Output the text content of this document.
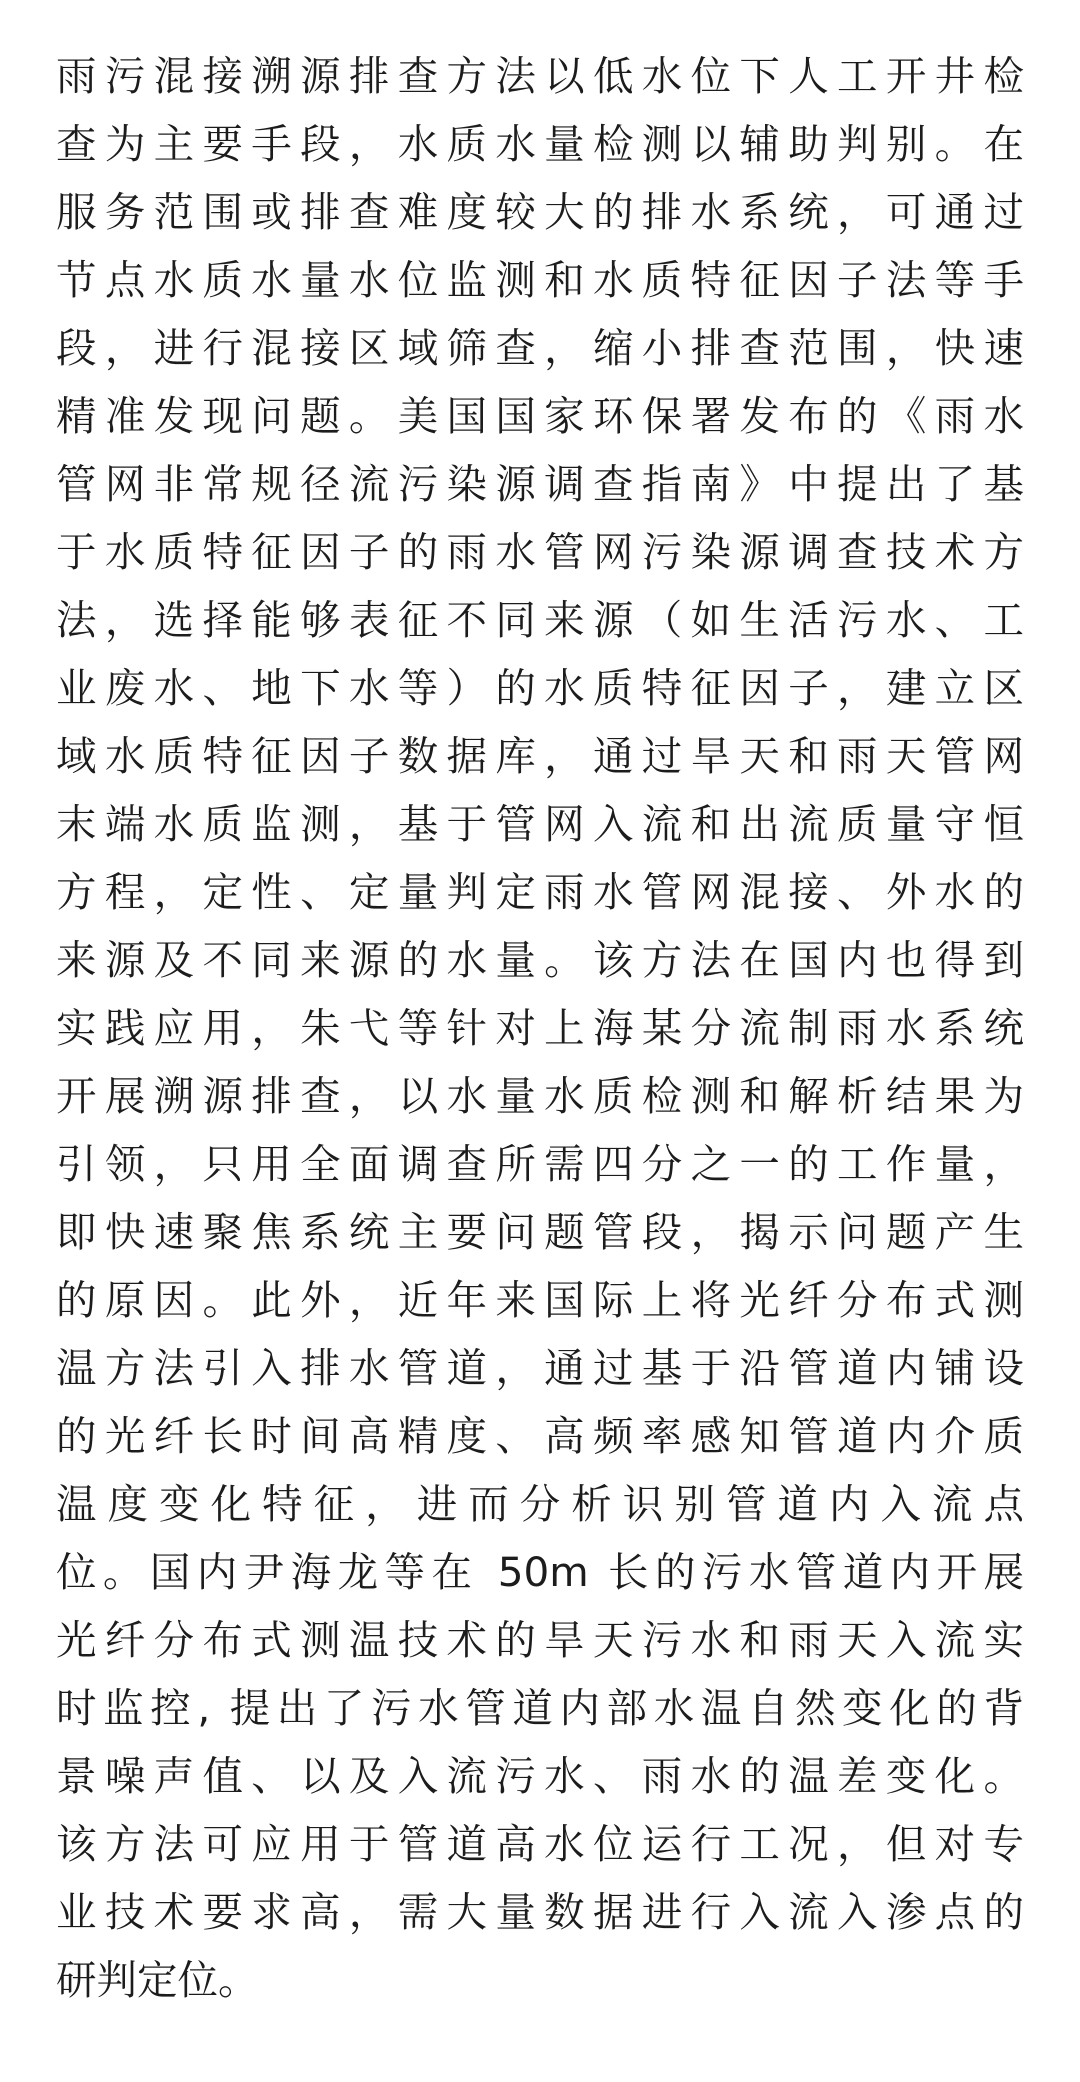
雨污混接溯源排查方法以低水位下人工开井检
查为主要手段，水质水量检测以辅助判别。在
服务范围或排查难度较大的排水系统，可通过
节点水质水量水位监测和水质特征因子法等手
段，进行混接区域筛查，缩小排查范围，快速
精准发现问题。美国国家环保署发布的《雨水
管网非常规径流污染源调查指南》中提出了基
于水质特征因子的雨水管网污染源调查技术方
法，选择能够表征不同来源（如生活污水、工
业废水、地下水等）的水质特征因子，建立区
域水质特征因子数据库，通过旱天和雨天管网
末端水质监测，基于管网入流和出流质量守恒
方程，定性、定量判定雨水管网混接、外水的
来源及不同来源的水量。该方法在国内也得到
实践应用，朱弋等针对上海某分流制雨水系统
开展溯源排查，以水量水质检测和解析结果为
引领，只用全面调查所需四分之一的工作量，
即快速聚焦系统主要问题管段，揭示问题产生
的原因。此外，近年来国际上将光纤分布式测
温方法引入排水管道，通过基于沿管道内铺设
的光纤长时间高精度、高频率感知管道内介质
温度变化特征，进而分析识别管道内入流点
位。国内尹海龙等在 50m 长的污水管道内开展
光纤分布式测温技术的旱天污水和雨天入流实
时监控, 提出了污水管道内部水温自然变化的背
景噪声值、以及入流污水、雨水的温差变化。
该方法可应用于管道高水位运行工况，但对专
业技术要求高，需大量数据进行入流入渗点的
研判定位。
